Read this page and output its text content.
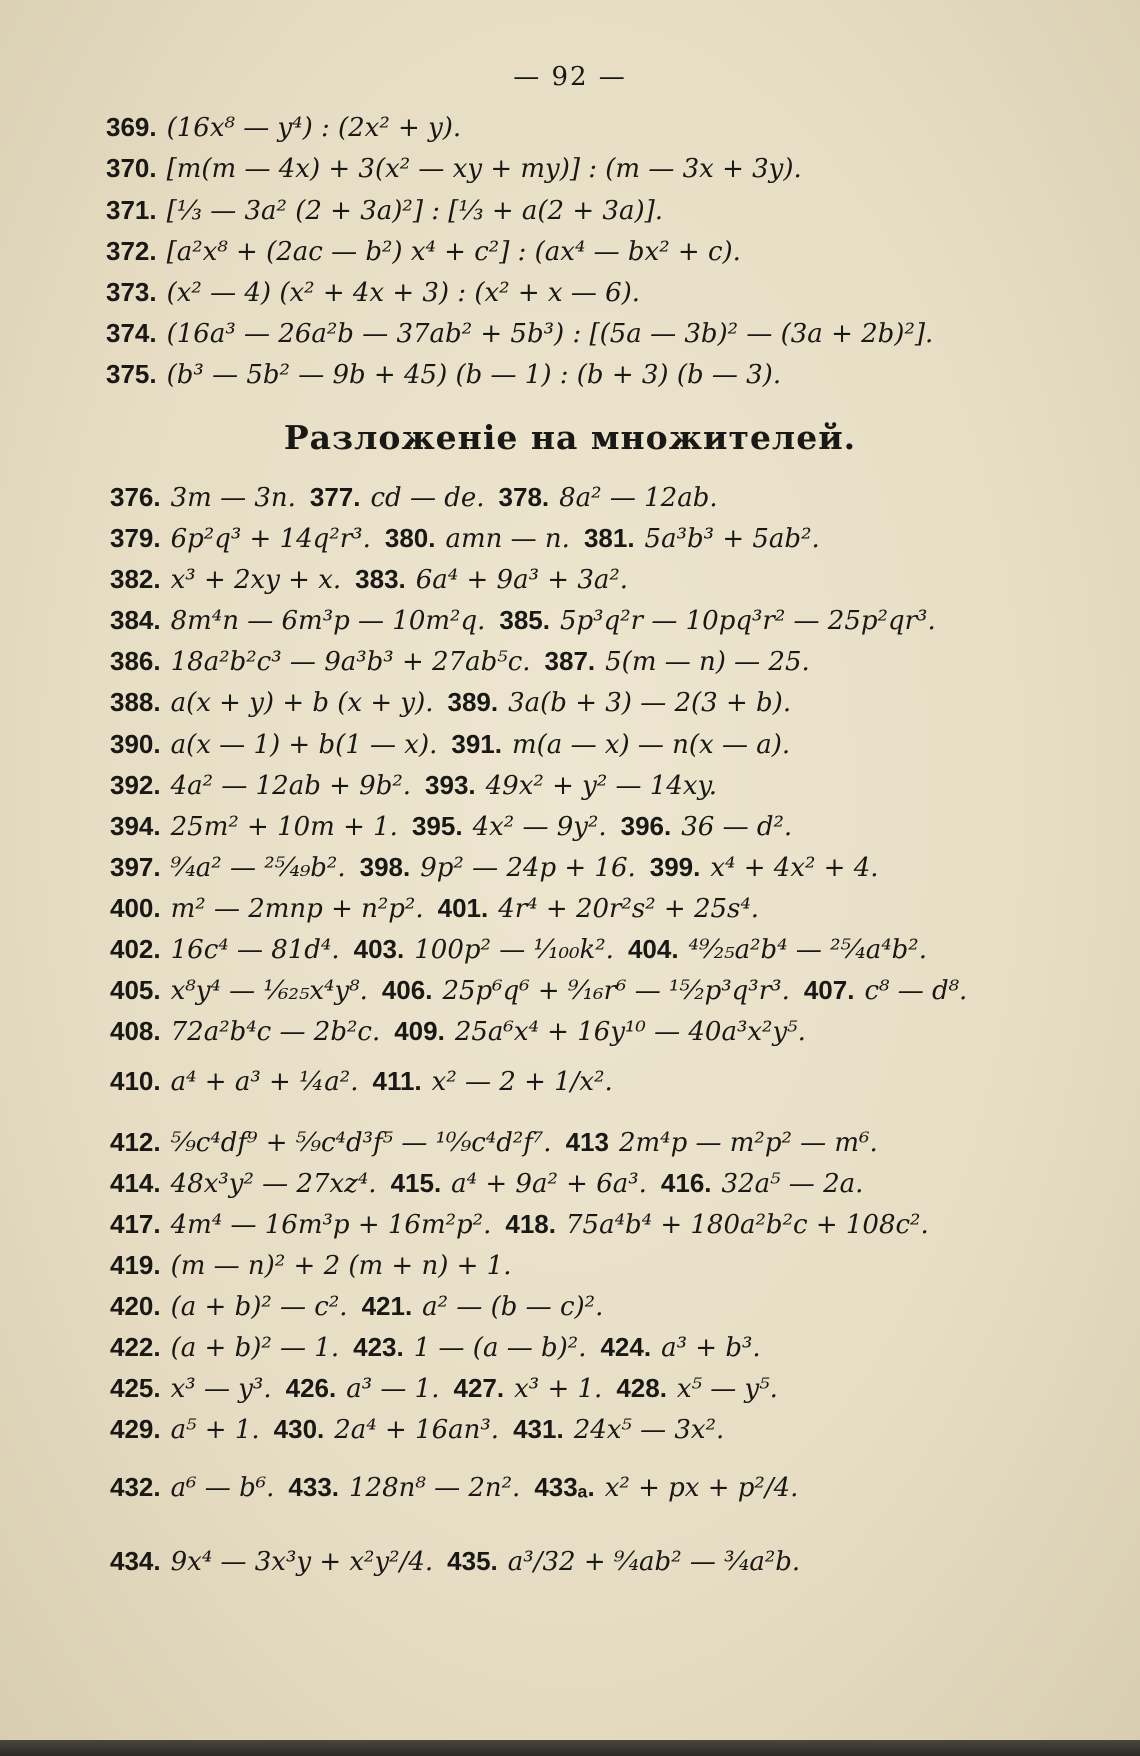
— 92 —
369. (16x⁸ — y⁴) : (2x² + y).
370. [m(m — 4x) + 3(x² — xy + my)] : (m — 3x + 3y).
371. [⅓ — 3a² (2 + 3a)²] : [⅓ + a(2 + 3a)].
372. [a²x⁸ + (2ac — b²) x⁴ + c²] : (ax⁴ — bx² + c).
373. (x² — 4) (x² + 4x + 3) : (x² + x — 6).
374. (16a³ — 26a²b — 37ab² + 5b³) : [(5a — 3b)² — (3a + 2b)²].
375. (b³ — 5b² — 9b + 45) (b — 1) : (b + 3) (b — 3).
Разложеніе на множителей.
376. 3m — 3n. 377. cd — de. 378. 8a² — 12ab.
379. 6p²q³ + 14q²r³. 380. amn — n. 381. 5a³b³ + 5ab².
382. x³ + 2xy + x. 383. 6a⁴ + 9a³ + 3a².
384. 8m⁴n — 6m³p — 10m²q. 385. 5p³q²r — 10pq³r² — 25p²qr³.
386. 18a²b²c³ — 9a³b³ + 27ab⁵c. 387. 5(m — n) — 25.
388. a(x + y) + b (x + y). 389. 3a(b + 3) — 2(3 + b).
390. a(x — 1) + b(1 — x). 391. m(a — x) — n(x — a).
392. 4a² — 12ab + 9b². 393. 49x² + y² — 14xy.
394. 25m² + 10m + 1. 395. 4x² — 9y². 396. 36 — d².
397. ⁹⁄₄a² — ²⁵⁄₄₉b². 398. 9p² — 24p + 16. 399. x⁴ + 4x² + 4.
400. m² — 2mnp + n²p². 401. 4r⁴ + 20r²s² + 25s⁴.
402. 16c⁴ — 81d⁴. 403. 100p² — ¹⁄₁₀₀k². 404. ⁴⁹⁄₂₅a²b⁴ — ²⁵⁄₄a⁴b².
405. x⁸y⁴ — ¹⁄₆₂₅x⁴y⁸. 406. 25p⁶q⁶ + ⁹⁄₁₆r⁶ — ¹⁵⁄₂p³q³r³. 407. c⁸ — d⁸.
408. 72a²b⁴c — 2b²c. 409. 25a⁶x⁴ + 16y¹⁰ — 40a³x²y⁵.
410. a⁴ + a³ + ¼a². 411. x² — 2 + 1/x².
412. ⁵⁄₉c⁴df⁹ + ⁵⁄₉c⁴d³f⁵ — ¹⁰⁄₉c⁴d²f⁷. 413 2m⁴p — m²p² — m⁶.
414. 48x³y² — 27xz⁴. 415. a⁴ + 9a² + 6a³. 416. 32a⁵ — 2a.
417. 4m⁴ — 16m³p + 16m²p². 418. 75a⁴b⁴ + 180a²b²c + 108c².
419. (m — n)² + 2 (m + n) + 1.
420. (a + b)² — c². 421. a² — (b — c)².
422. (a + b)² — 1. 423. 1 — (a — b)². 424. a³ + b³.
425. x³ — y³. 426. a³ — 1. 427. x³ + 1. 428. x⁵ — y⁵.
429. a⁵ + 1. 430. 2a⁴ + 16an³. 431. 24x⁵ — 3x².
432. a⁶ — b⁶. 433. 128n⁸ — 2n². 433ₐ. x² + px + p²/4.
434. 9x⁴ — 3x³y + x²y²/4. 435. a³/32 + ⁹⁄₄ab² — ³⁄₄a²b.
